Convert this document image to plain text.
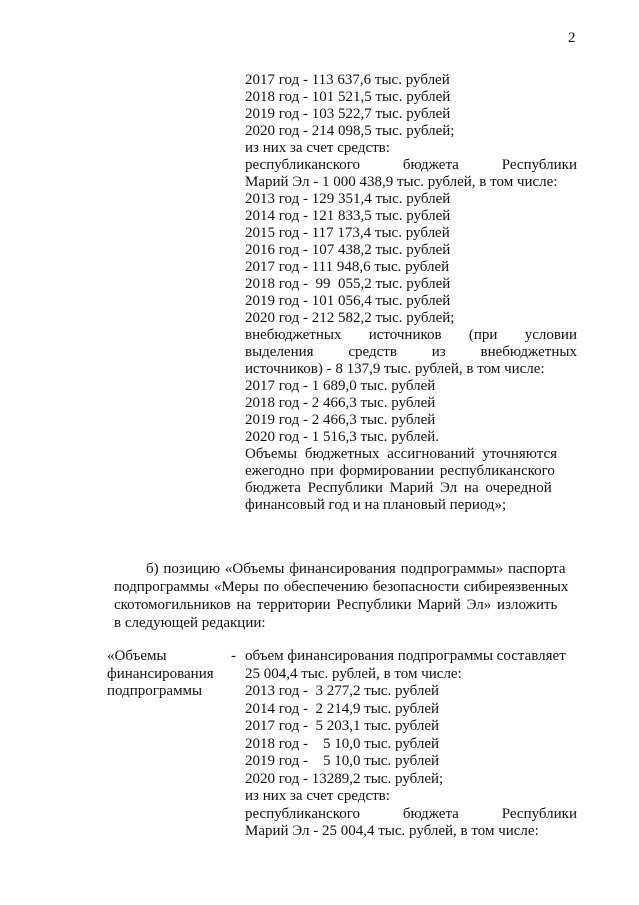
2
2017 год - 113 637,6 тыс. рублей
2018 год - 101 521,5 тыс. рублей
2019 год - 103 522,7 тыс. рублей
2020 год - 214 098,5 тыс. рублей;
из них за счет средств:
республиканского	бюджета	Республики
Марий Эл - 1 000 438,9 тыс. рублей, в том числе:
2013 год - 129 351,4 тыс. рублей
2014 год - 121 833,5 тыс. рублей
2015 год - 117 173,4 тыс. рублей
2016 год - 107 438,2 тыс. рублей
2017 год - 111 948,6 тыс. рублей
2018 год -  99  055,2 тыс. рублей
2019 год - 101 056,4 тыс. рублей
2020 год - 212 582,2 тыс. рублей;
внебюджетных источников (при условии
выделения средств из внебюджетных
источников) - 8 137,9 тыс. рублей, в том числе:
2017 год - 1 689,0 тыс. рублей
2018 год - 2 466,3 тыс. рублей
2019 год - 2 466,3 тыс. рублей
2020 год - 1 516,3 тыс. рублей.
Объемы бюджетных ассигнований уточняются
ежегодно при формировании республиканского
бюджета Республики Марий Эл на очередной
финансовый год и на плановый период»;
б) позицию «Объемы финансирования подпрограммы» паспорта
подпрограммы «Меры по обеспечению безопасности сибиреязвенных
скотомогильников на территории Республики Марий Эл» изложить
в следующей редакции:
«Объемы
финансирования
подпрограммы
- объем финансирования подпрограммы составляет
25 004,4 тыс. рублей, в том числе:
2013 год -  3 277,2 тыс. рублей
2014 год -  2 214,9 тыс. рублей
2017 год -  5 203,1 тыс. рублей
2018 год -    5 10,0 тыс. рублей
2019 год -    5 10,0 тыс. рублей
2020 год - 13289,2 тыс. рублей;
из них за счет средств:
республиканского	бюджета	Республики
Марий Эл - 25 004,4 тыс. рублей, в том числе:
